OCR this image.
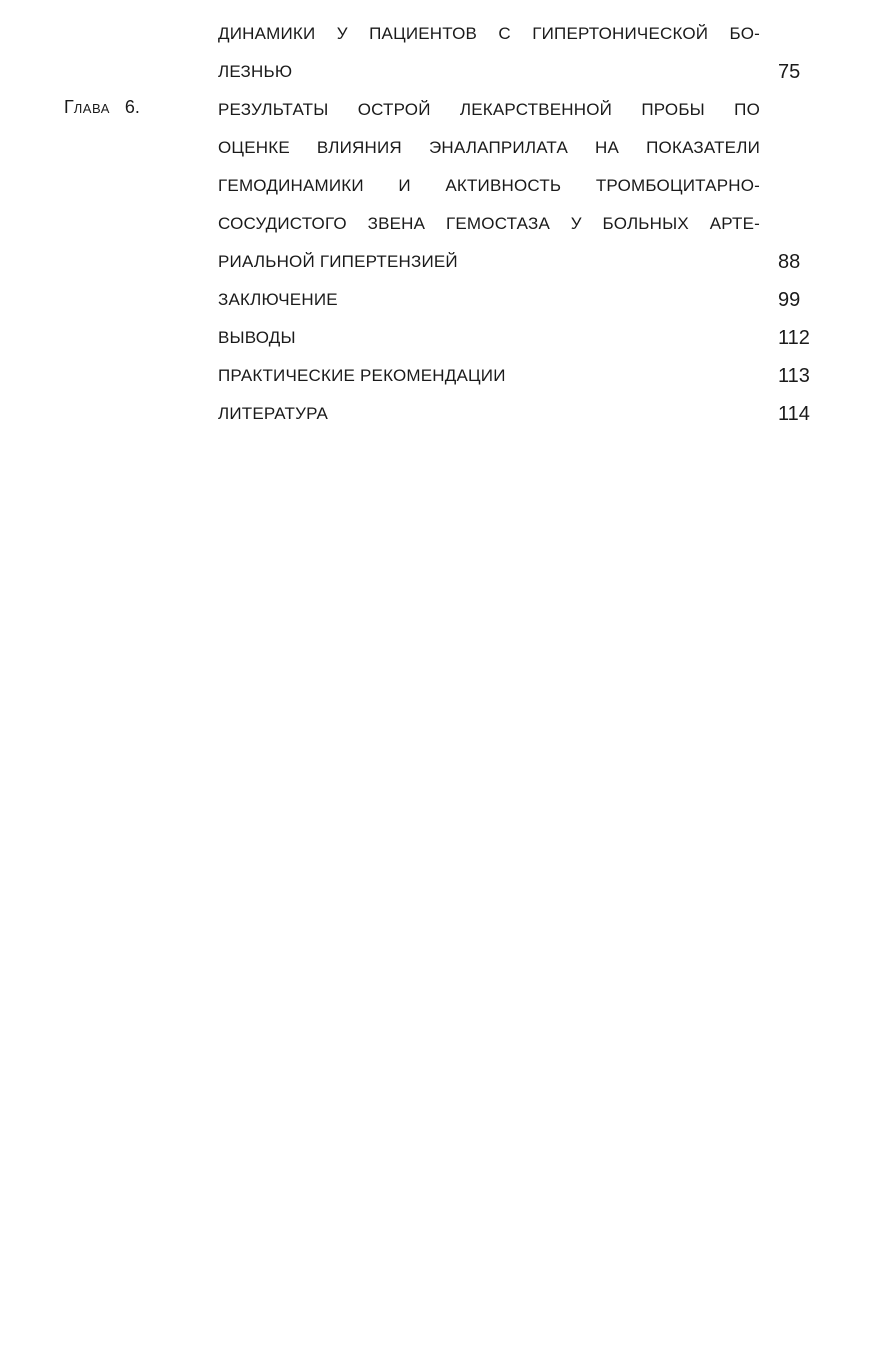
ДИНАМИКИ У ПАЦИЕНТОВ С ГИПЕРТОНИЧЕСКОЙ БО-
ЛЕЗНЬЮ	75
ГЛАВА 6.	РЕЗУЛЬТАТЫ ОСТРОЙ ЛЕКАРСТВЕННОЙ ПРОБЫ ПО
ОЦЕНКЕ ВЛИЯНИЯ ЭНАЛАПРИЛАТА НА ПОКАЗАТЕЛИ
ГЕМОДИНАМИКИ И АКТИВНОСТЬ ТРОМБОЦИТАРНО-
СОСУДИСТОГО ЗВЕНА ГЕМОСТАЗА У БОЛЬНЫХ АРТЕ-
РИАЛЬНОЙ ГИПЕРТЕНЗИЕЙ	88
ЗАКЛЮЧЕНИЕ	99
ВЫВОДЫ	112
ПРАКТИЧЕСКИЕ РЕКОМЕНДАЦИИ	113
ЛИТЕРАТУРА	114
